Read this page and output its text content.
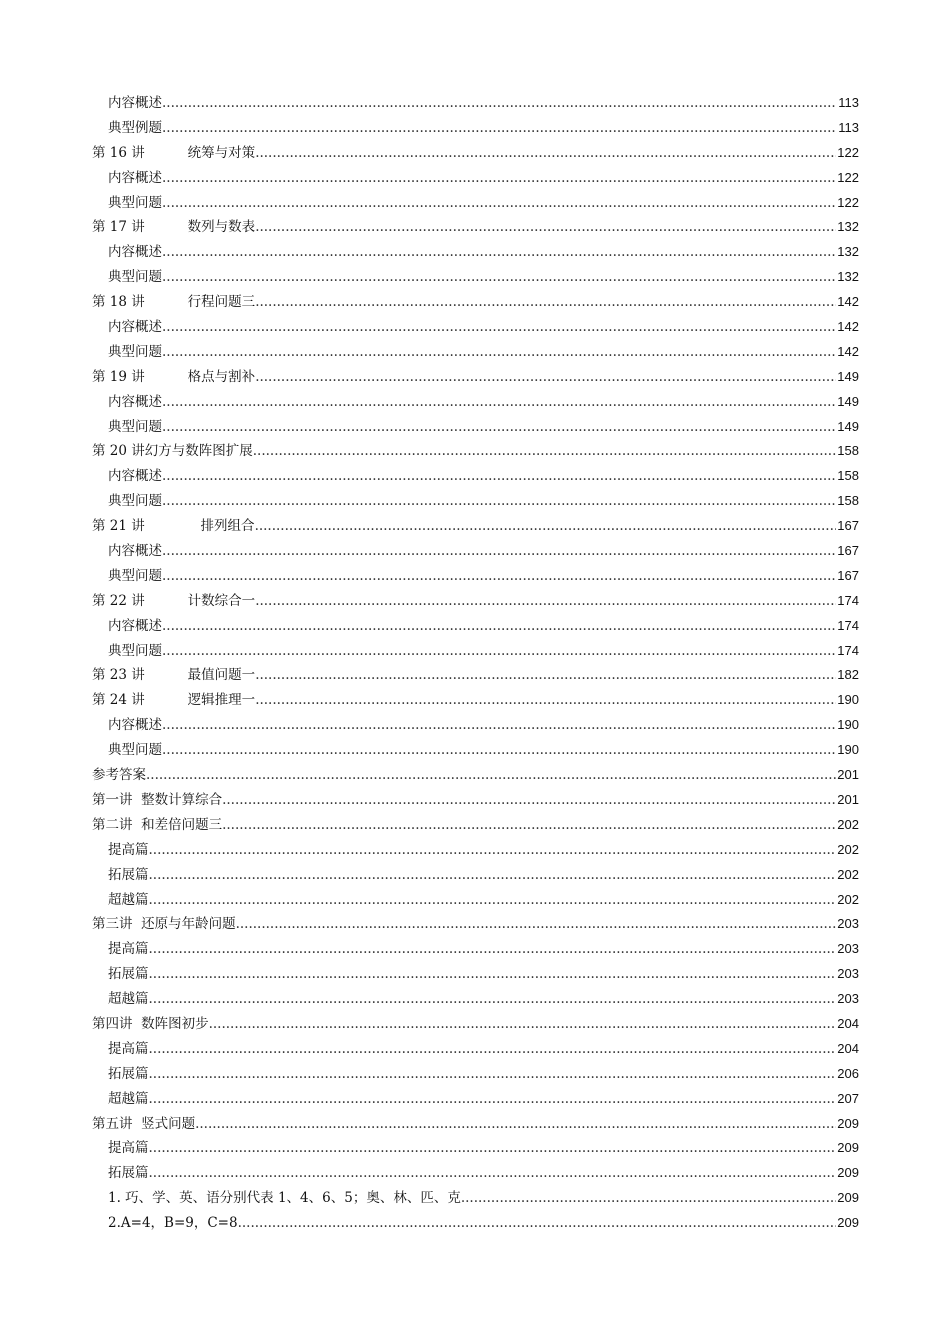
内容概述 .....	113
典型例题 .....	113
第 16 讲          统筹与对策 .....	122
内容概述 .....	122
典型问题 .....	122
第 17 讲          数列与数表 .....	132
内容概述 .....	132
典型问题 .....	132
第 18 讲          行程问题三 .....	142
内容概述 .....	142
典型问题 .....	142
第 19 讲          格点与割补 .....	149
内容概述 .....	149
典型问题 .....	149
第 20 讲幻方与数阵图扩展 .....	158
内容概述 .....	158
典型问题 .....	158
第 21 讲             排列组合 .....	167
内容概述 .....	167
典型问题 .....	167
第 22 讲          计数综合一 .....	174
内容概述 .....	174
典型问题 .....	174
第 23 讲          最值问题一 .....	182
第 24 讲          逻辑推理一 .....	190
内容概述 .....	190
典型问题 .....	190
参考答案 .....	201
第一讲  整数计算综合 .....	201
第二讲  和差倍问题三 .....	202
提高篇 .....	202
拓展篇 .....	202
超越篇 .....	202
第三讲  还原与年龄问题 .....	203
提高篇 .....	203
拓展篇 .....	203
超越篇 .....	203
第四讲  数阵图初步 .....	204
提高篇 .....	204
拓展篇 .....	206
超越篇 .....	207
第五讲  竖式问题 .....	209
提高篇 .....	209
拓展篇 .....	209
1. 巧、学、英、语分别代表 1、4、6、5；奥、林、匹、克 .....	209
2.A=4，B=9，C=8 .....	209
